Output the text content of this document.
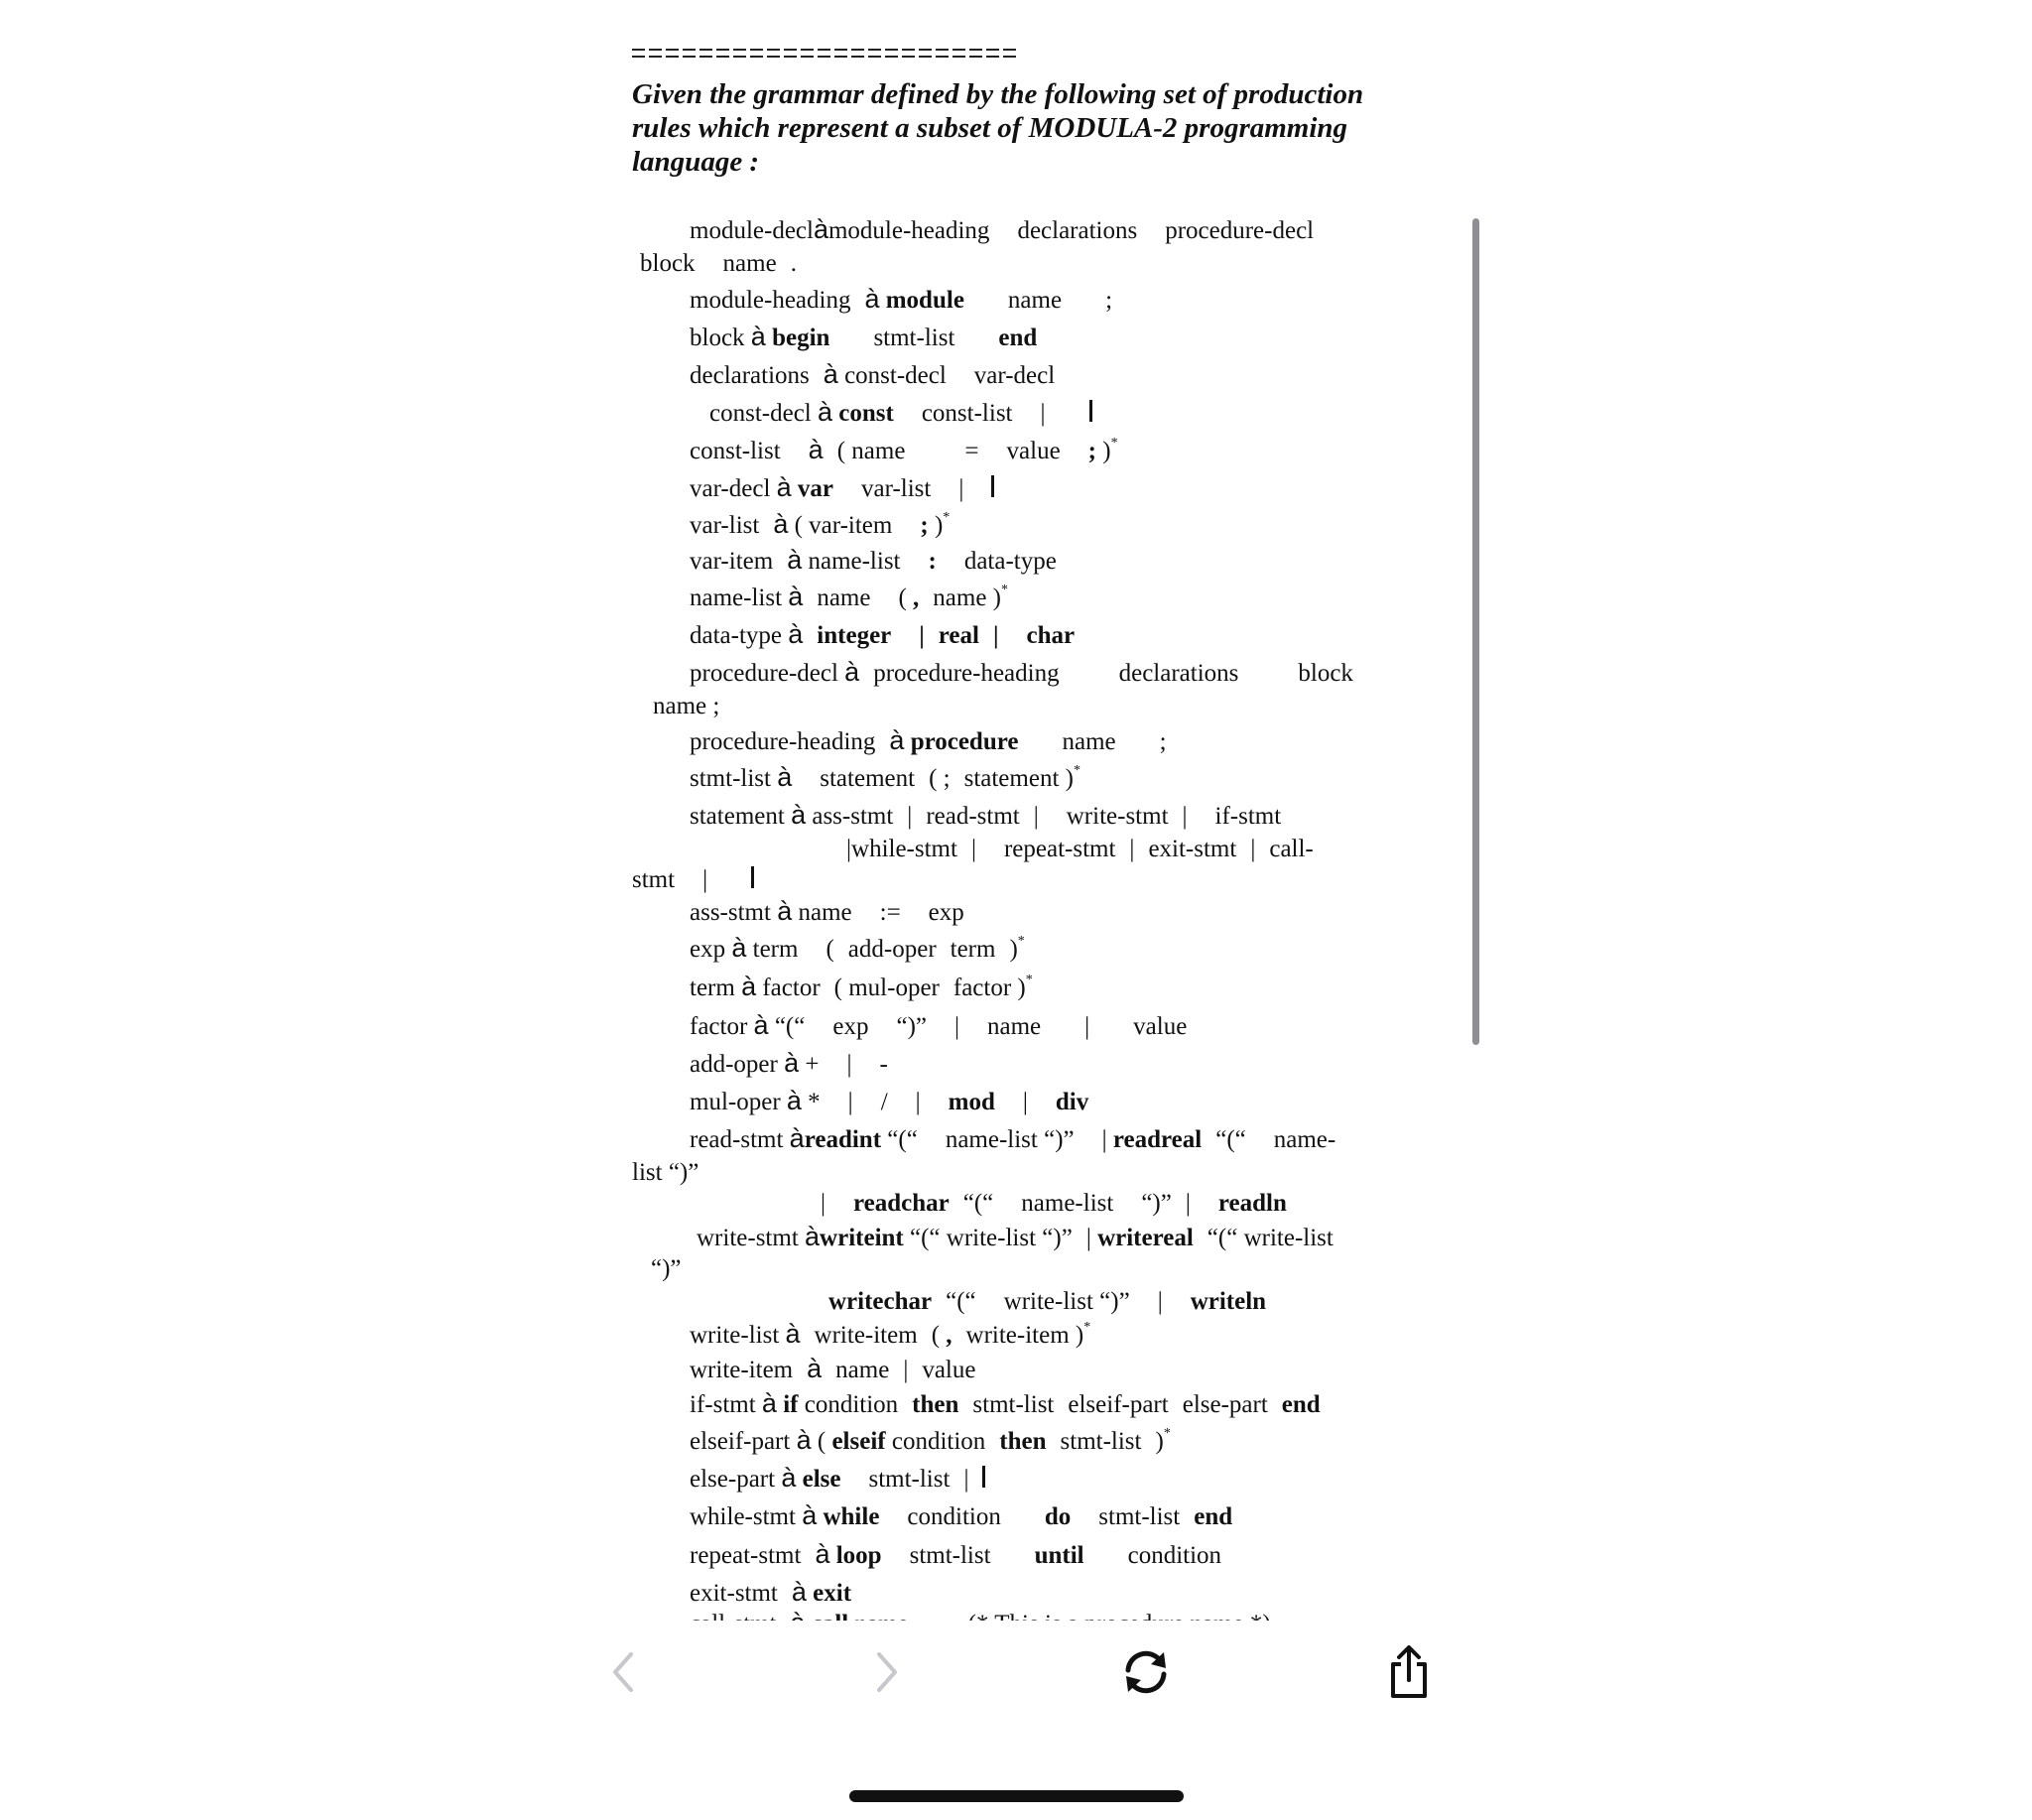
Given the grammar defined by the following set of production
rules which represent a subset of MODULA-2 programming
language :
module-declàmodule-heading declarations procedure-decl
block name .
module-heading à module name ;
block à begin stmt-list end
declarations à const-decl var-decl
const-decl à const const-list |
const-list à ( name = value ; )*
var-decl à var var-list |
var-list à ( var-item ; )*
var-item à name-list : data-type
name-list à name ( , name )*
data-type à integer | real | char
procedure-decl à procedure-heading declarations block
name ;
procedure-heading à procedure name ;
stmt-list à statement ( ; statement )*
statement à ass-stmt | read-stmt | write-stmt | if-stmt
|while-stmt | repeat-stmt | exit-stmt | call-
stmt |
ass-stmt à name := exp
exp à term ( add-oper term )*
term à factor ( mul-oper factor )*
factor à “(“ exp “)” | name | value
add-oper à + | -
mul-oper à * | / | mod | div
read-stmt àreadint “(“ name-list “)” | readreal “(“ name-
list “)”
| readchar “(“ name-list “)” | readln
write-stmt àwriteint “(“ write-list “)” | writereal “(“ write-list
“)”
writechar “(“ write-list “)” | writeln
write-list à write-item ( , write-item )*
write-item à name | value
if-stmt à if condition then stmt-list elseif-part else-part end
elseif-part à ( elseif condition then stmt-list )*
else-part à else stmt-list |
while-stmt à while condition do stmt-list end
repeat-stmt à loop stmt-list until condition
exit-stmt à exit
